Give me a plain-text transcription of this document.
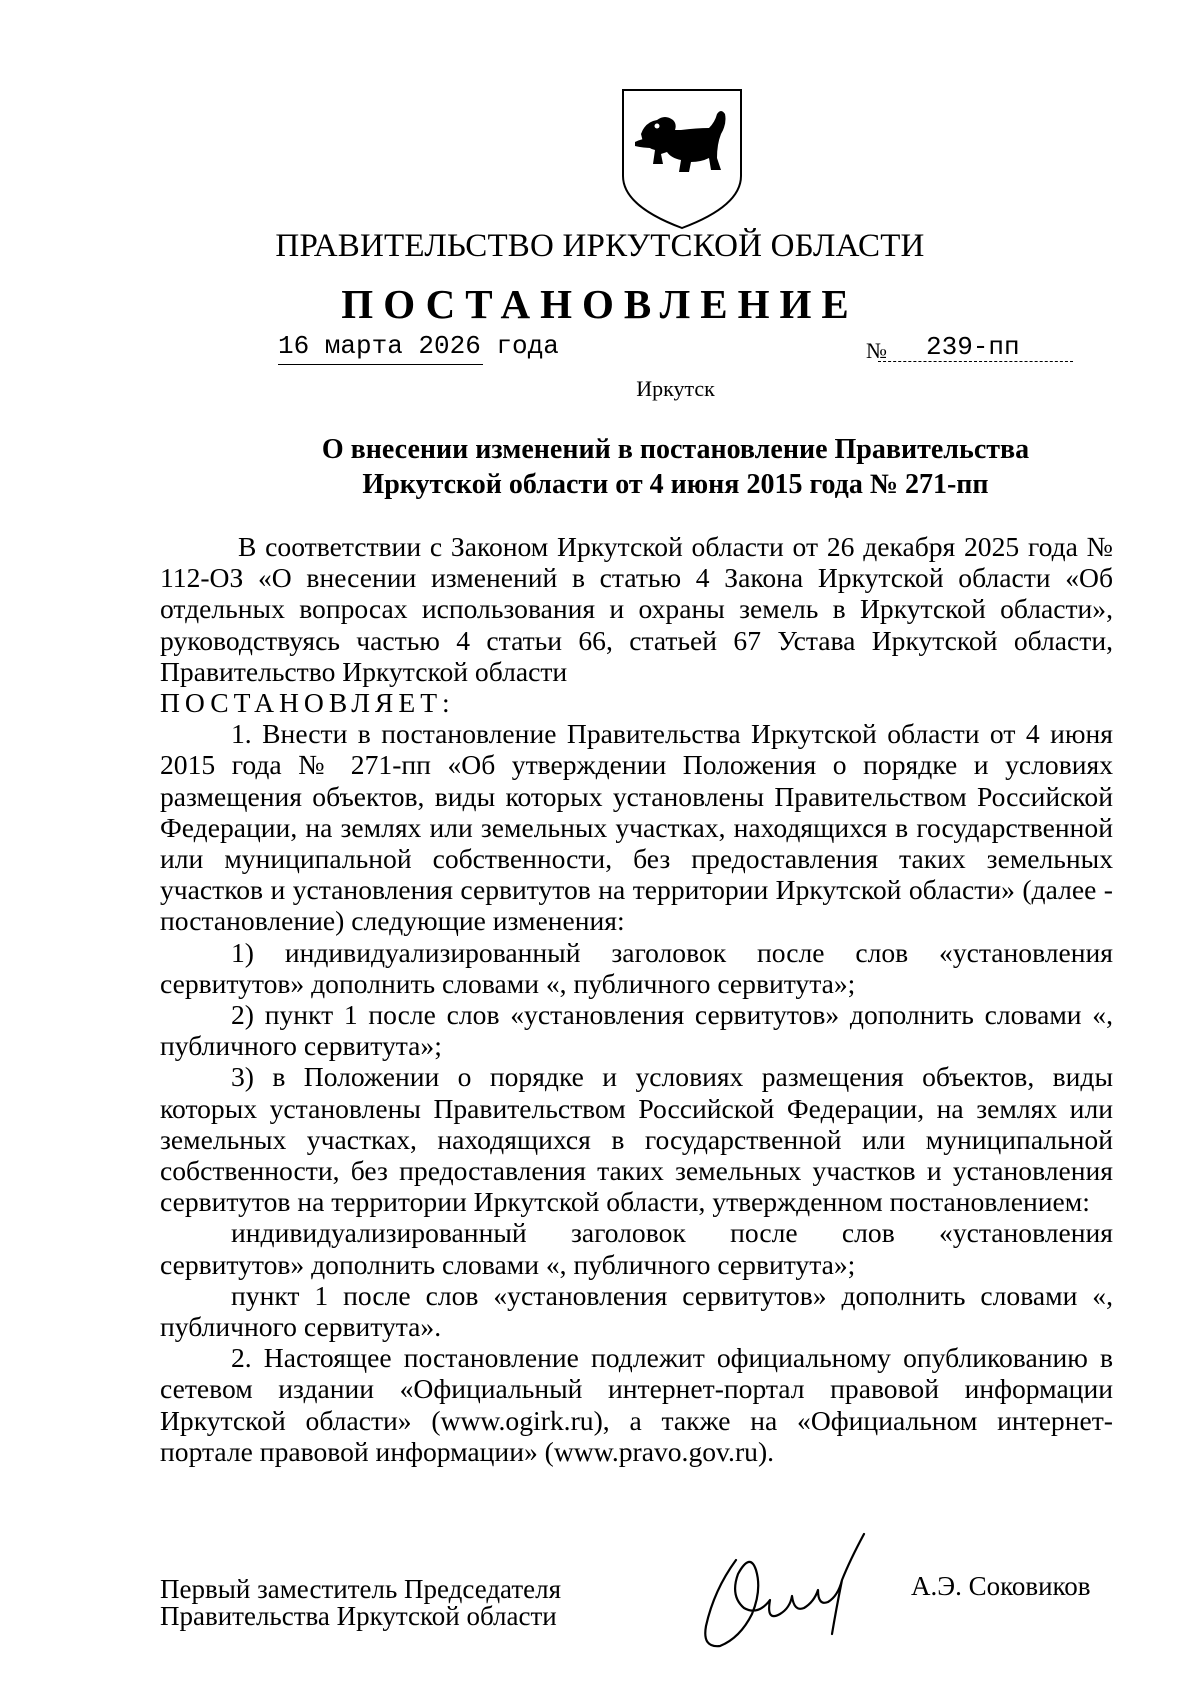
ПРАВИТЕЛЬСТВО ИРКУТСКОЙ ОБЛАСТИ
ПОСТАНОВЛЕНИЕ
16 марта 2026 года	№ 239-пп
Иркутск
О внесении изменений в постановление Правительства
Иркутской области от 4 июня 2015 года № 271-пп

В соответствии с Законом Иркутской области от 26 декабря 2025 года № 112-ОЗ «О внесении изменений в статью 4 Закона Иркутской области «Об отдельных вопросах использования и охраны земель в Иркутской области», руководствуясь частью 4 статьи 66, статьей 67 Устава Иркутской области, Правительство Иркутской области

ПОСТАНОВЛЯЕТ:

1. Внести в постановление Правительства Иркутской области от 4 июня 2015 года № 271-пп «Об утверждении Положения о порядке и условиях размещения объектов, виды которых установлены Правительством Российской Федерации, на землях или земельных участках, находящихся в государственной или муниципальной собственности, без предоставления таких земельных участков и установления сервитутов на территории Иркутской области» (далее - постановление) следующие изменения:

1) индивидуализированный заголовок после слов «установления сервитутов» дополнить словами «, публичного сервитута»;

2) пункт 1 после слов «установления сервитутов» дополнить словами «, публичного сервитута»;

3) в Положении о порядке и условиях размещения объектов, виды которых установлены Правительством Российской Федерации, на землях или земельных участках, находящихся в государственной или муниципальной собственности, без предоставления таких земельных участков и установления сервитутов на территории Иркутской области, утвержденном постановлением:

индивидуализированный заголовок после слов «установления сервитутов» дополнить словами «, публичного сервитута»;

пункт 1 после слов «установления сервитутов» дополнить словами «, публичного сервитута».

2. Настоящее постановление подлежит официальному опубликованию в сетевом издании «Официальный интернет-портал правовой информации Иркутской области» (www.ogirk.ru), а также на «Официальном интернет-портале правовой информации» (www.pravo.gov.ru).

Первый заместитель Председателя
Правительства Иркутской области
А.Э. Соковиков
